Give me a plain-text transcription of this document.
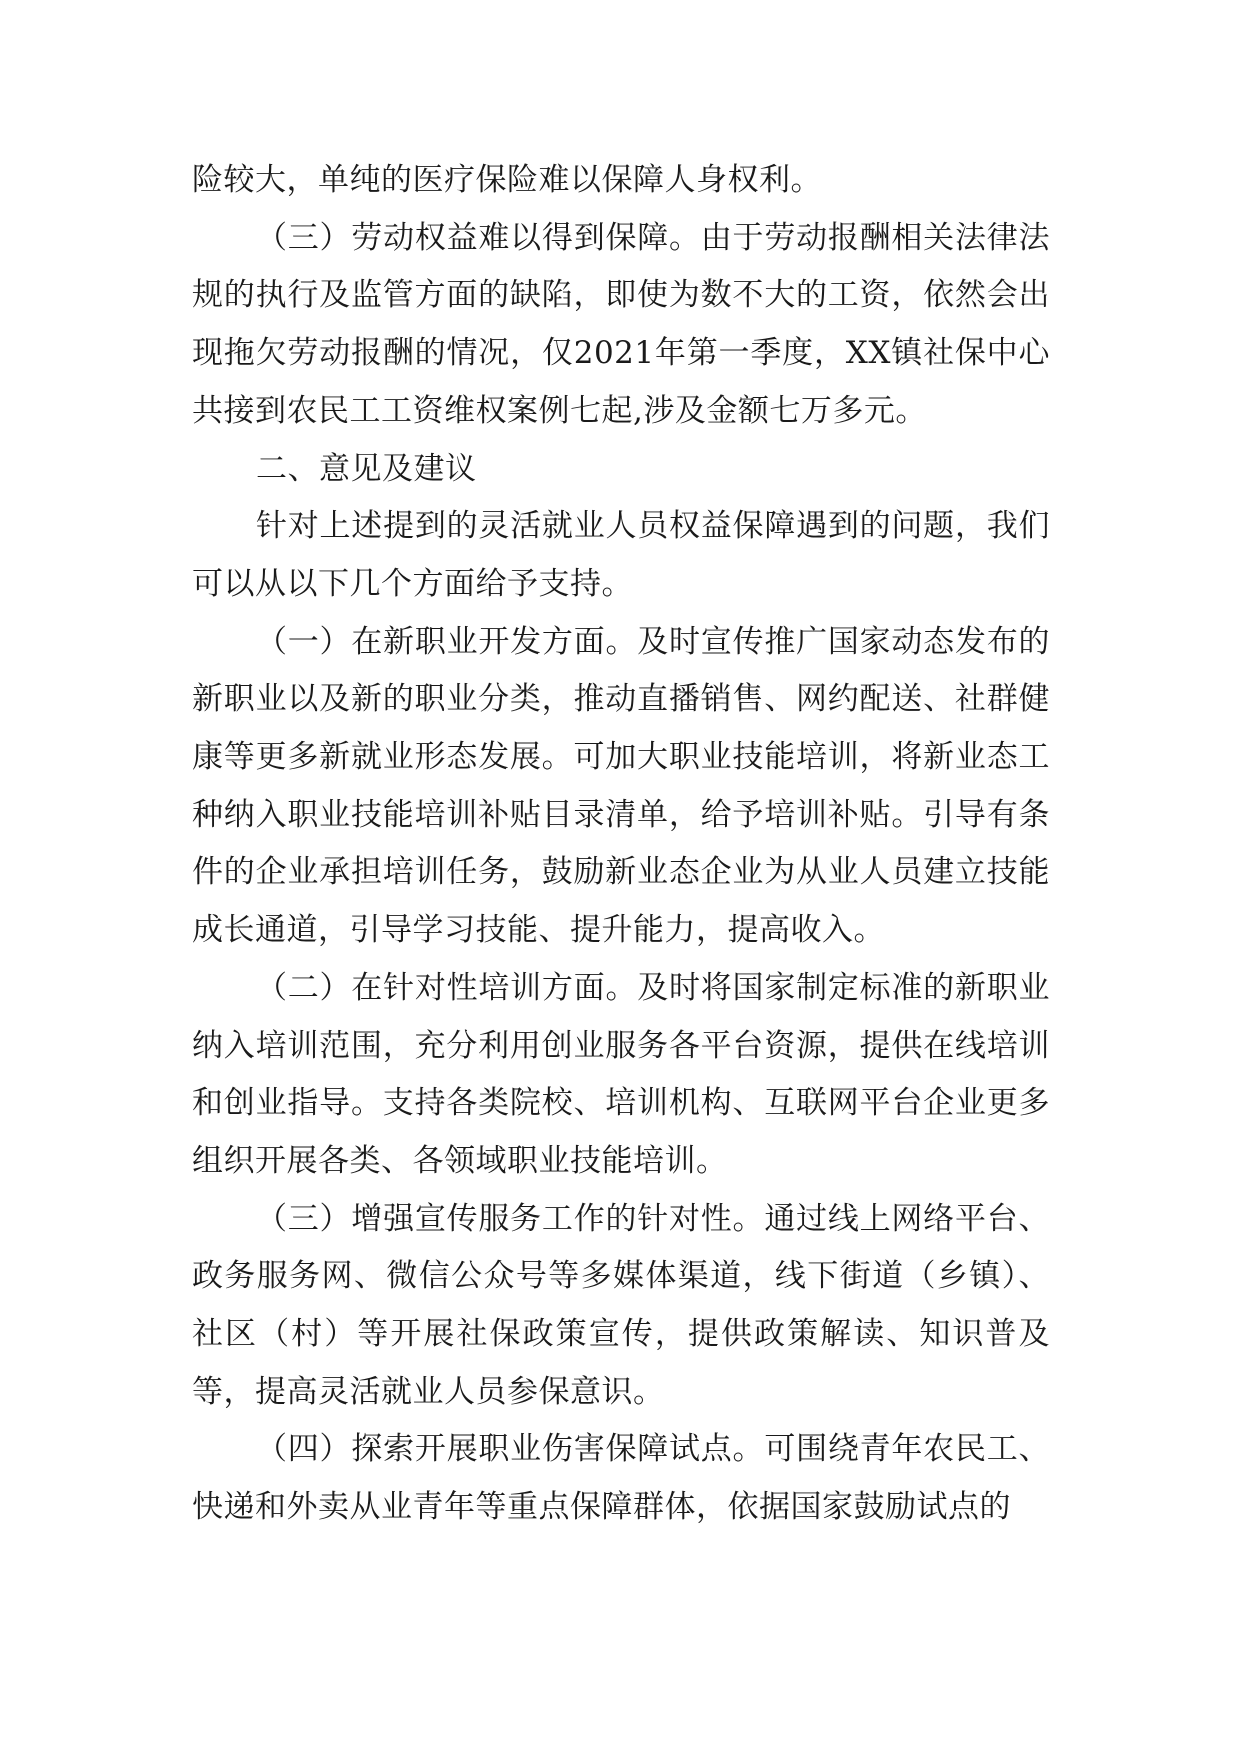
险较大，单纯的医疗保险难以保障人身权利。

（三）劳动权益难以得到保障。由于劳动报酬相关法律法规的执行及监管方面的缺陷，即使为数不大的工资，依然会出现拖欠劳动报酬的情况，仅2021年第一季度，XX镇社保中心共接到农民工工资维权案例七起,涉及金额七万多元。

二、意见及建议

针对上述提到的灵活就业人员权益保障遇到的问题，我们可以从以下几个方面给予支持。

（一）在新职业开发方面。及时宣传推广国家动态发布的新职业以及新的职业分类，推动直播销售、网约配送、社群健康等更多新就业形态发展。可加大职业技能培训，将新业态工种纳入职业技能培训补贴目录清单，给予培训补贴。引导有条件的企业承担培训任务，鼓励新业态企业为从业人员建立技能成长通道，引导学习技能、提升能力，提高收入。

（二）在针对性培训方面。及时将国家制定标准的新职业纳入培训范围，充分利用创业服务各平台资源，提供在线培训和创业指导。支持各类院校、培训机构、互联网平台企业更多组织开展各类、各领域职业技能培训。

（三）增强宣传服务工作的针对性。通过线上网络平台、政务服务网、微信公众号等多媒体渠道，线下街道（乡镇）、社区（村）等开展社保政策宣传，提供政策解读、知识普及等，提高灵活就业人员参保意识。

（四）探索开展职业伤害保障试点。可围绕青年农民工、快递和外卖从业青年等重点保障群体，依据国家鼓励试点的
